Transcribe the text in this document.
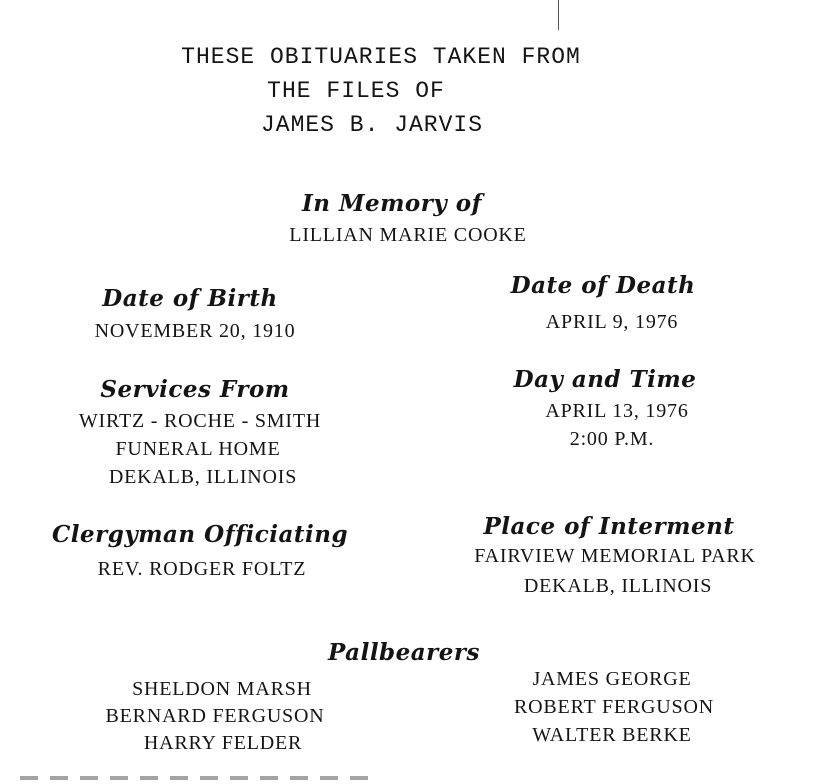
THESE OBITUARIES TAKEN FROM
THE FILES OF
JAMES B. JARVIS
In Memory of
LILLIAN MARIE COOKE
Date of Birth
NOVEMBER 20, 1910
Date of Death
APRIL 9, 1976
Services From
WIRTZ - ROCHE - SMITH
FUNERAL HOME
DEKALB, ILLINOIS
Day and Time
APRIL 13, 1976
2:00 P.M.
Clergyman Officiating
REV. RODGER FOLTZ
Place of Interment
FAIRVIEW MEMORIAL PARK
DEKALB, ILLINOIS
Pallbearers
SHELDON MARSH
BERNARD FERGUSON
HARRY FELDER
JAMES GEORGE
ROBERT FERGUSON
WALTER BERKE
